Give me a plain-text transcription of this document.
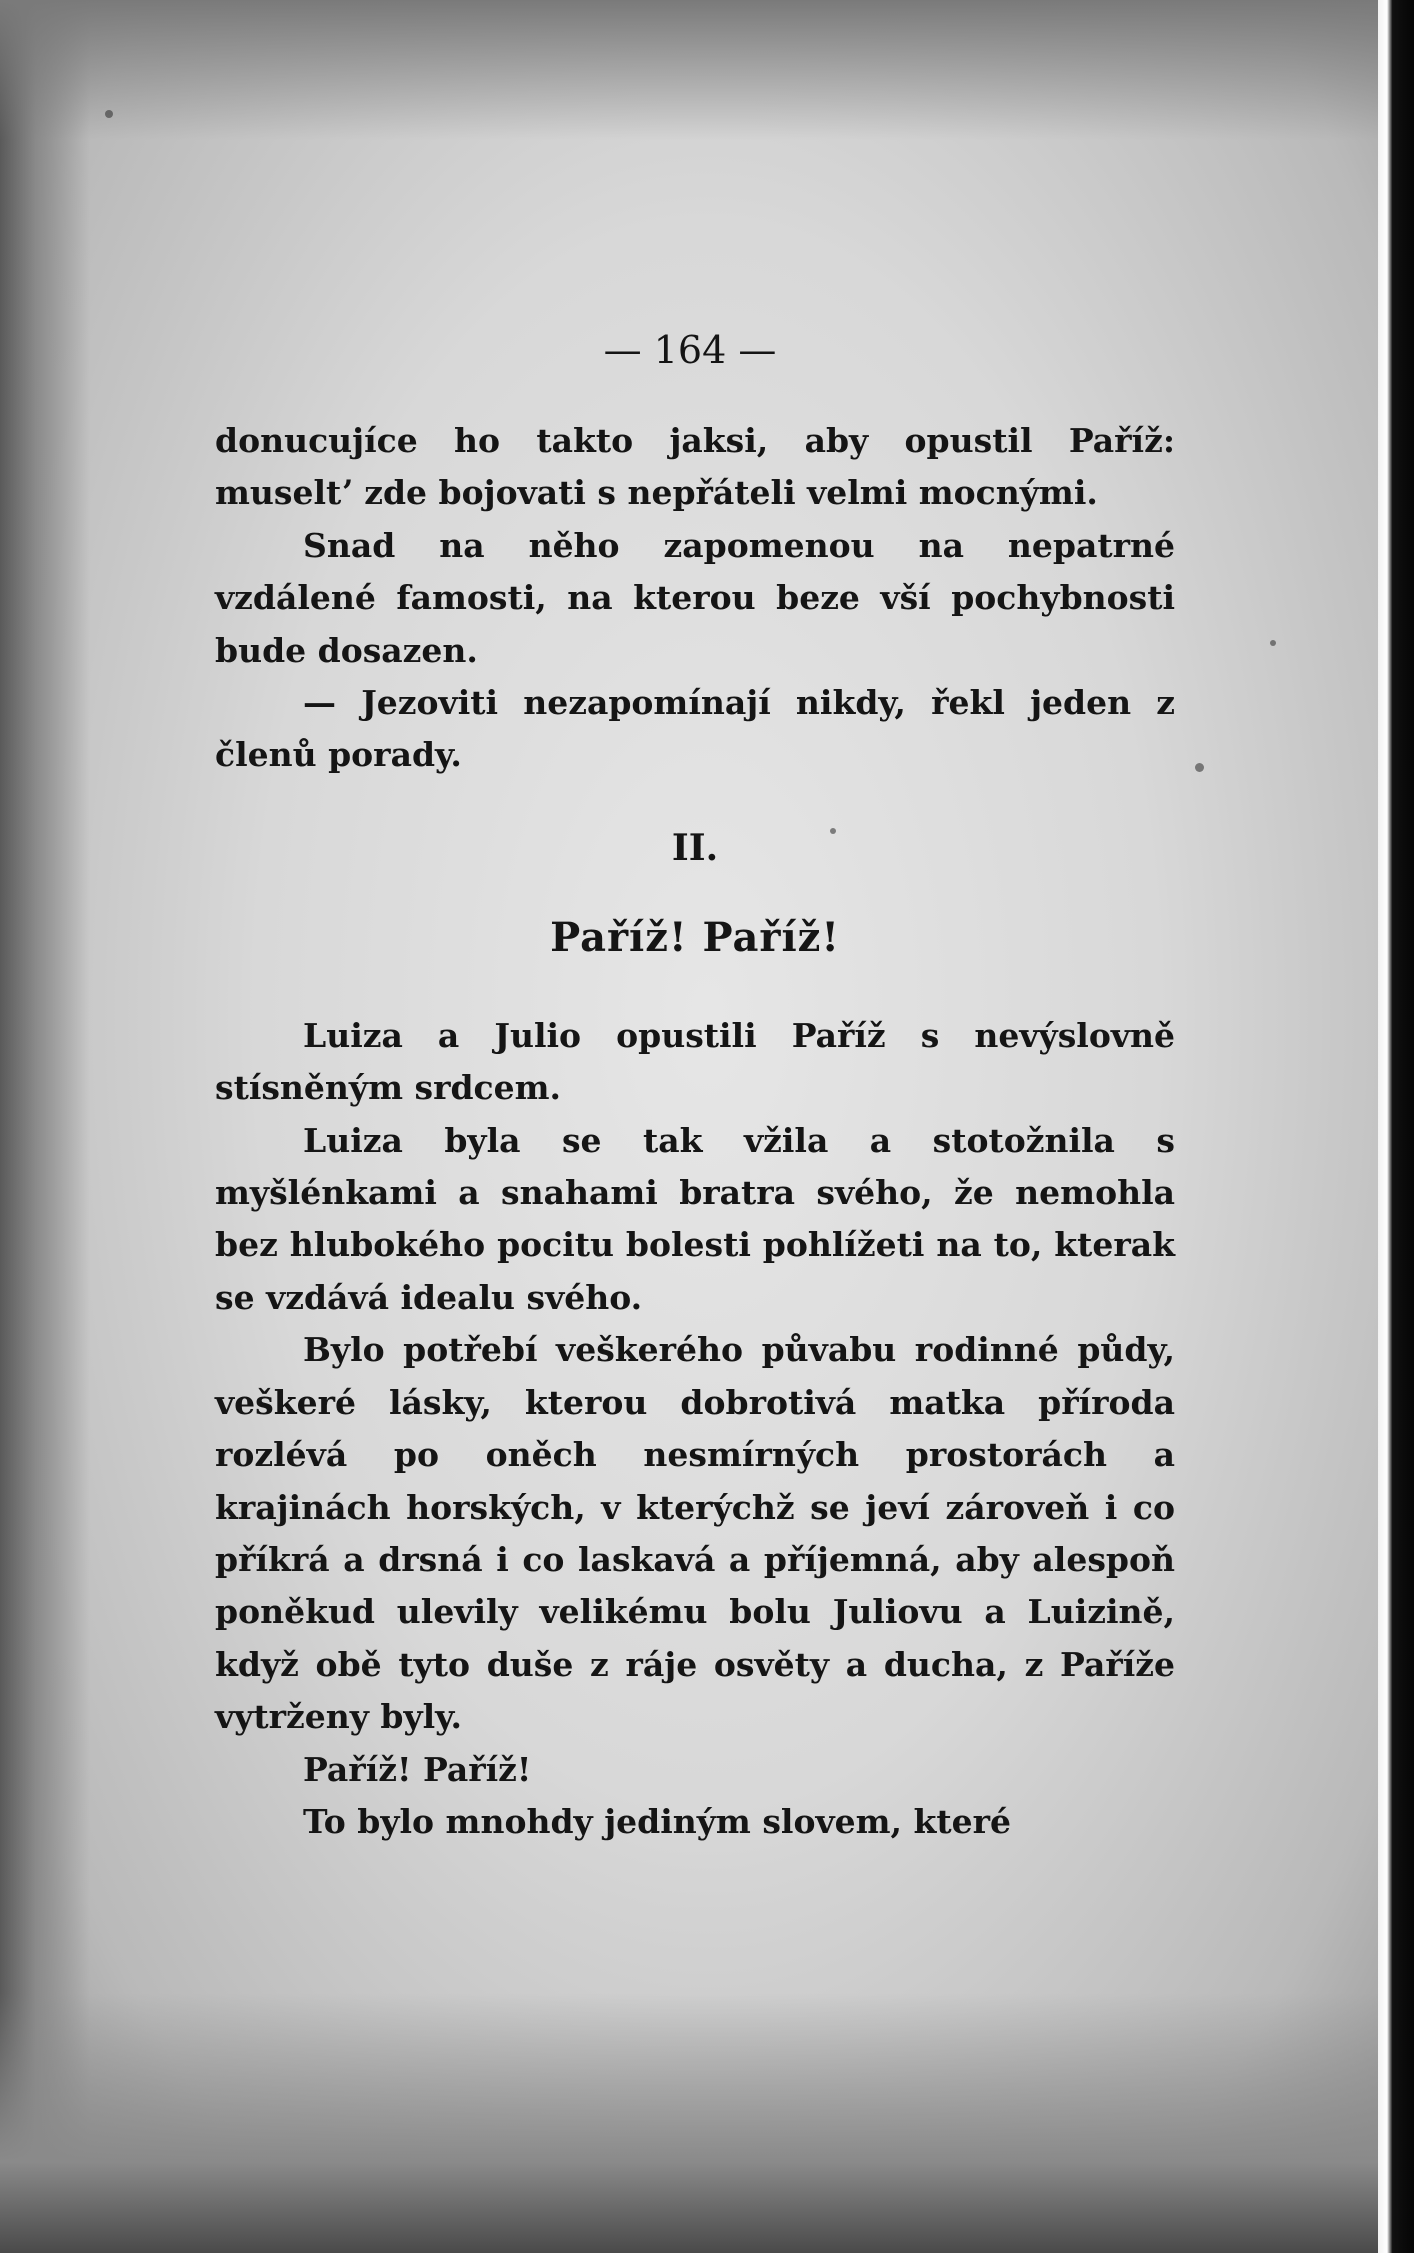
— 164 —

donucujíce ho takto jaksi, aby opustil Paříž: museltʼ zde bojovati s nepřáteli velmi mocnými.

Snad na něho zapomenou na nepatrné vzdálené famosti, na kterou beze vší pochybnosti bude dosazen.

— Jezoviti nezapomínají nikdy, řekl jeden z členů porady.

II.

Paříž! Paříž!

Luiza a Julio opustili Paříž s nevýslovně stísněným srdcem.

Luiza byla se tak vžila a stotožnila s myšlénkami a snahami bratra svého, že nemohla bez hlubokého pocitu bolesti pohlížeti na to, kterak se vzdává idealu svého.

Bylo potřebí veškerého půvabu rodinné půdy, veškeré lásky, kterou dobrotivá matka příroda rozlévá po oněch nesmírných prostorách a krajinách horských, v kterýchž se jeví zároveň i co příkrá a drsná i co laskavá a příjemná, aby alespoň poněkud ulevily velikému bolu Juliovu a Luizině, když obě tyto duše z ráje osvěty a ducha, z Paříže vytrženy byly.

Paříž! Paříž!

To bylo mnohdy jediným slovem, které
